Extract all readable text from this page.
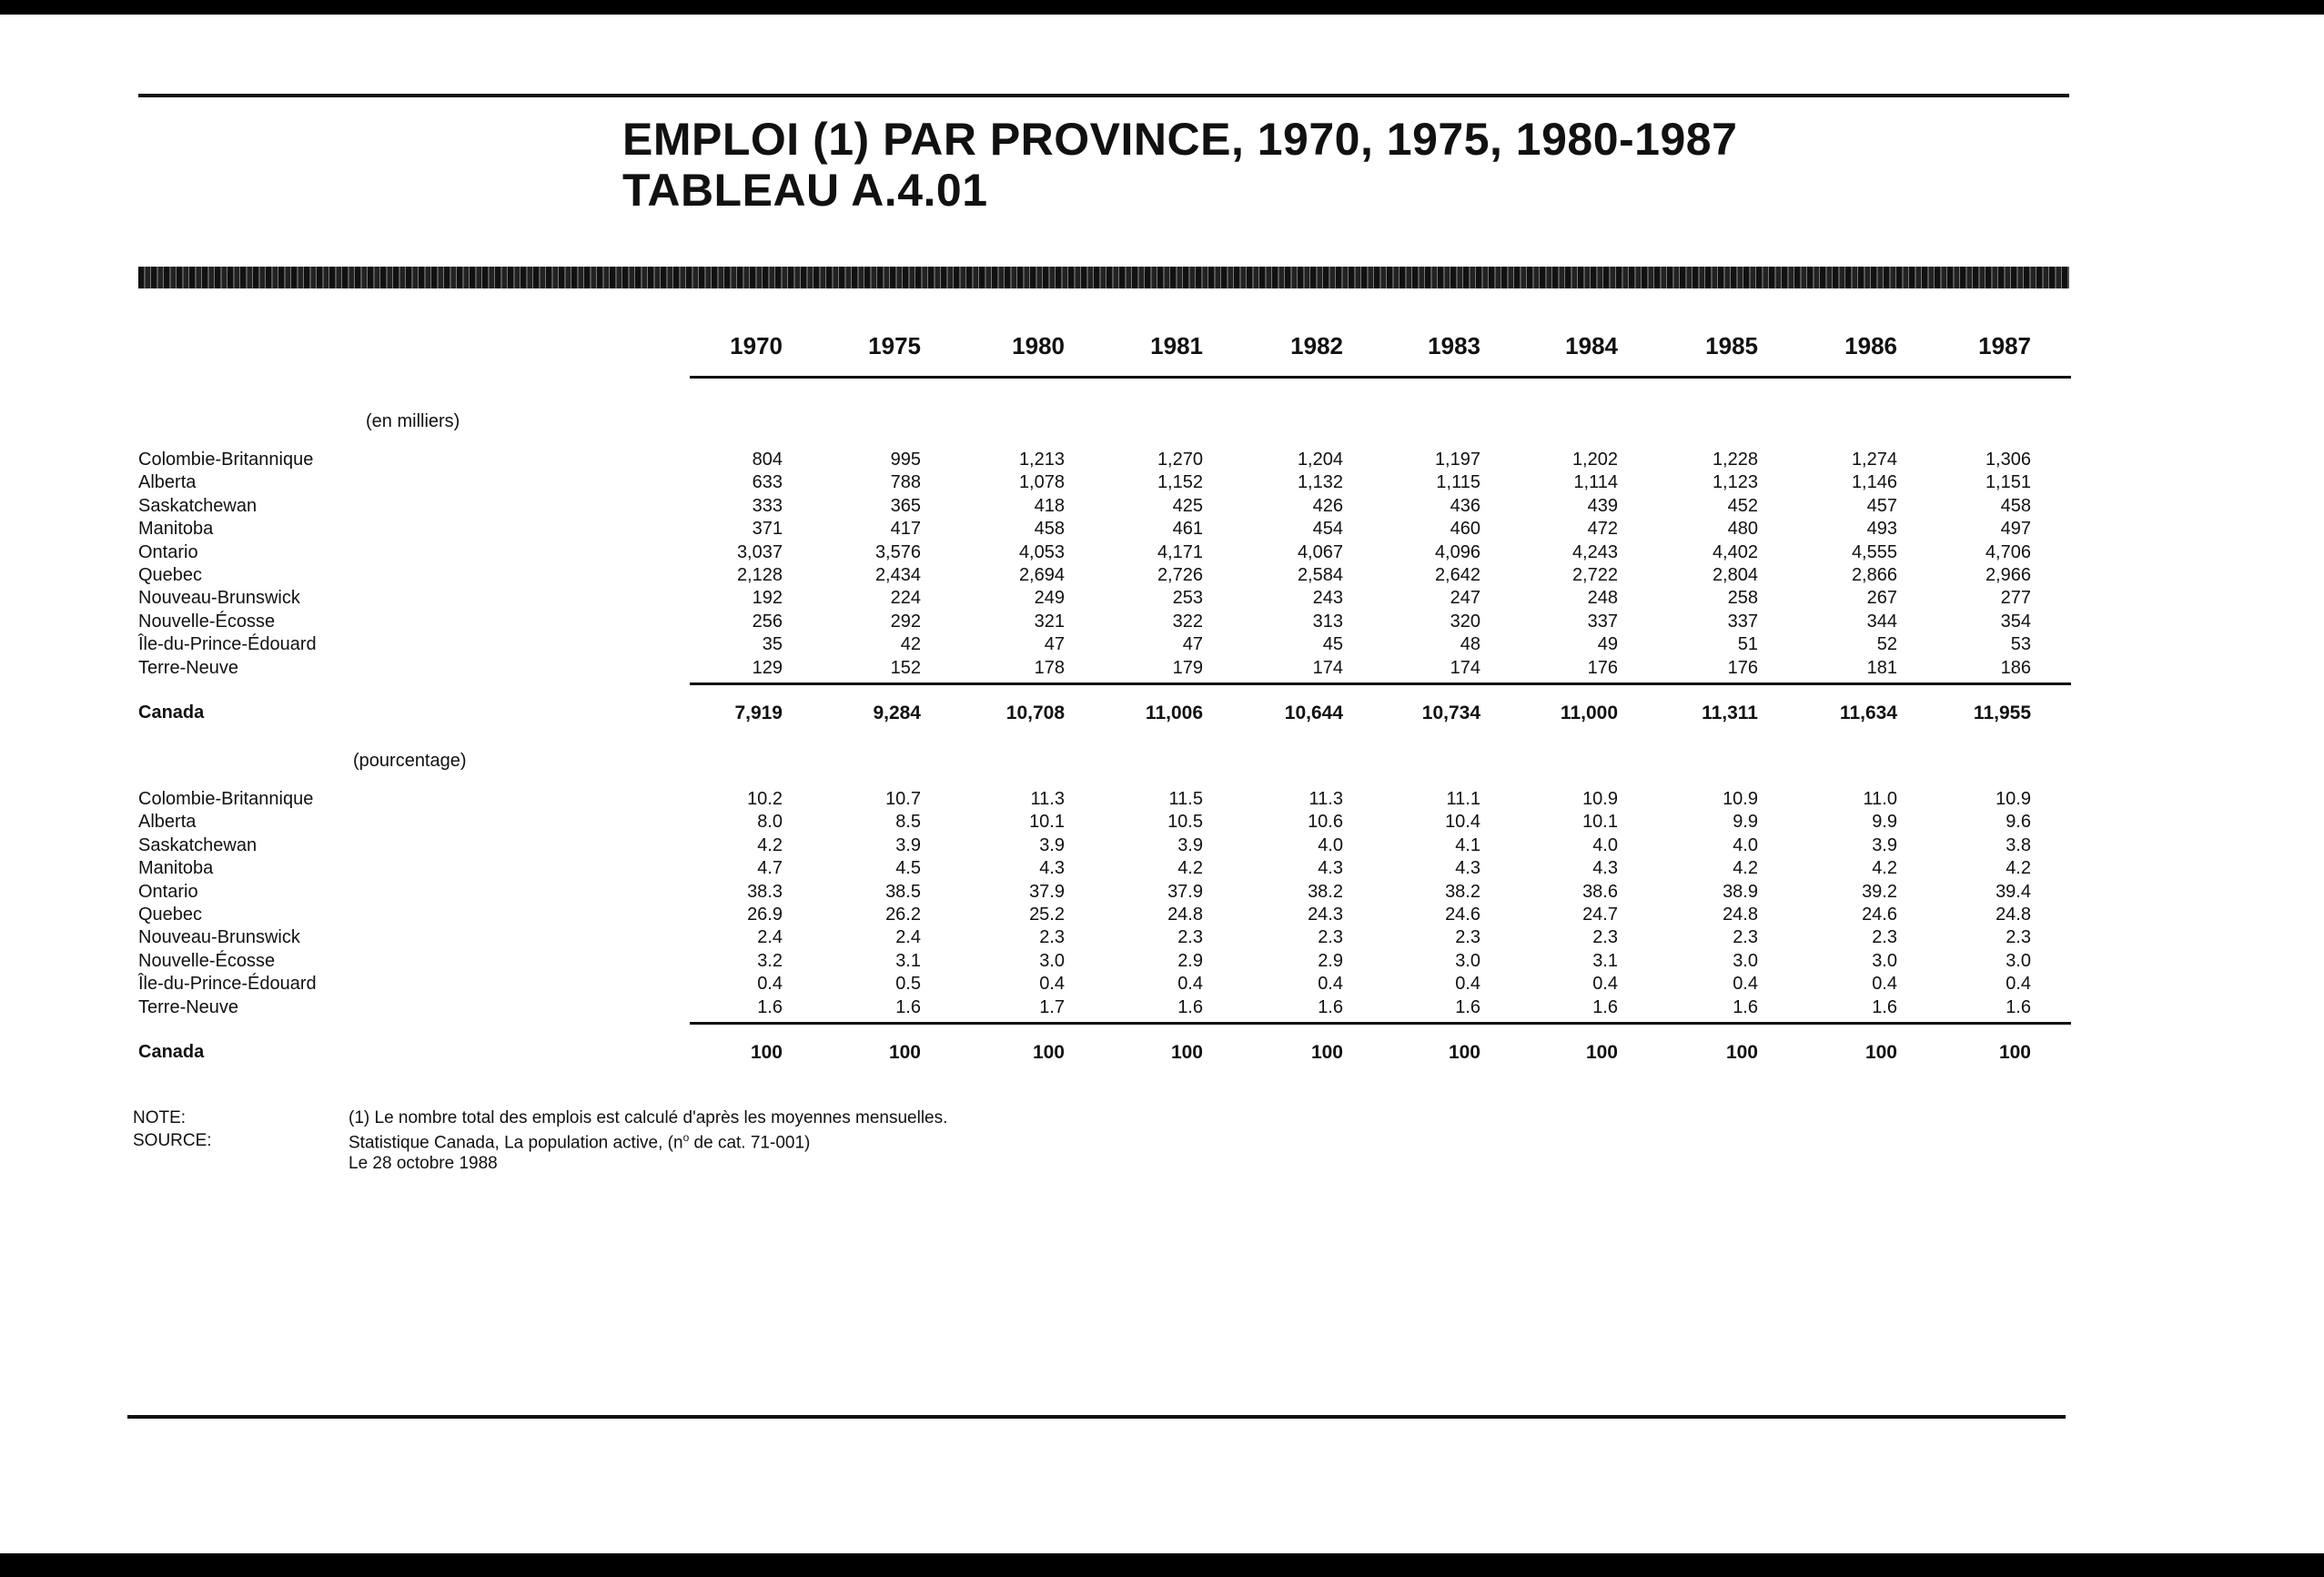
EMPLOI (1) PAR PROVINCE, 1970, 1975, 1980-1987
TABLEAU A.4.01
1970	1975	1980	1981	1982	1983	1984	1985	1986	1987
(en milliers)
Colombie-Britannique	804	995	1,213	1,270	1,204	1,197	1,202	1,228	1,274	1,306
Alberta	633	788	1,078	1,152	1,132	1,115	1,114	1,123	1,146	1,151
Saskatchewan	333	365	418	425	426	436	439	452	457	458
Manitoba	371	417	458	461	454	460	472	480	493	497
Ontario	3,037	3,576	4,053	4,171	4,067	4,096	4,243	4,402	4,555	4,706
Quebec	2,128	2,434	2,694	2,726	2,584	2,642	2,722	2,804	2,866	2,966
Nouveau-Brunswick	192	224	249	253	243	247	248	258	267	277
Nouvelle-Écosse	256	292	321	322	313	320	337	337	344	354
Île-du-Prince-Édouard	35	42	47	47	45	48	49	51	52	53
Terre-Neuve	129	152	178	179	174	174	176	176	181	186
Canada	7,919	9,284	10,708	11,006	10,644	10,734	11,000	11,311	11,634	11,955
(pourcentage)
Colombie-Britannique	10.2	10.7	11.3	11.5	11.3	11.1	10.9	10.9	11.0	10.9
Alberta	8.0	8.5	10.1	10.5	10.6	10.4	10.1	9.9	9.9	9.6
Saskatchewan	4.2	3.9	3.9	3.9	4.0	4.1	4.0	4.0	3.9	3.8
Manitoba	4.7	4.5	4.3	4.2	4.3	4.3	4.3	4.2	4.2	4.2
Ontario	38.3	38.5	37.9	37.9	38.2	38.2	38.6	38.9	39.2	39.4
Quebec	26.9	26.2	25.2	24.8	24.3	24.6	24.7	24.8	24.6	24.8
Nouveau-Brunswick	2.4	2.4	2.3	2.3	2.3	2.3	2.3	2.3	2.3	2.3
Nouvelle-Écosse	3.2	3.1	3.0	2.9	2.9	3.0	3.1	3.0	3.0	3.0
Île-du-Prince-Édouard	0.4	0.5	0.4	0.4	0.4	0.4	0.4	0.4	0.4	0.4
Terre-Neuve	1.6	1.6	1.7	1.6	1.6	1.6	1.6	1.6	1.6	1.6
Canada	100	100	100	100	100	100	100	100	100	100
NOTE:	(1) Le nombre total des emplois est calculé d'après les moyennes mensuelles.
SOURCE:	Statistique Canada, La population active, ($n^o$ de cat. 71-001)
Le 28 octobre 1988
